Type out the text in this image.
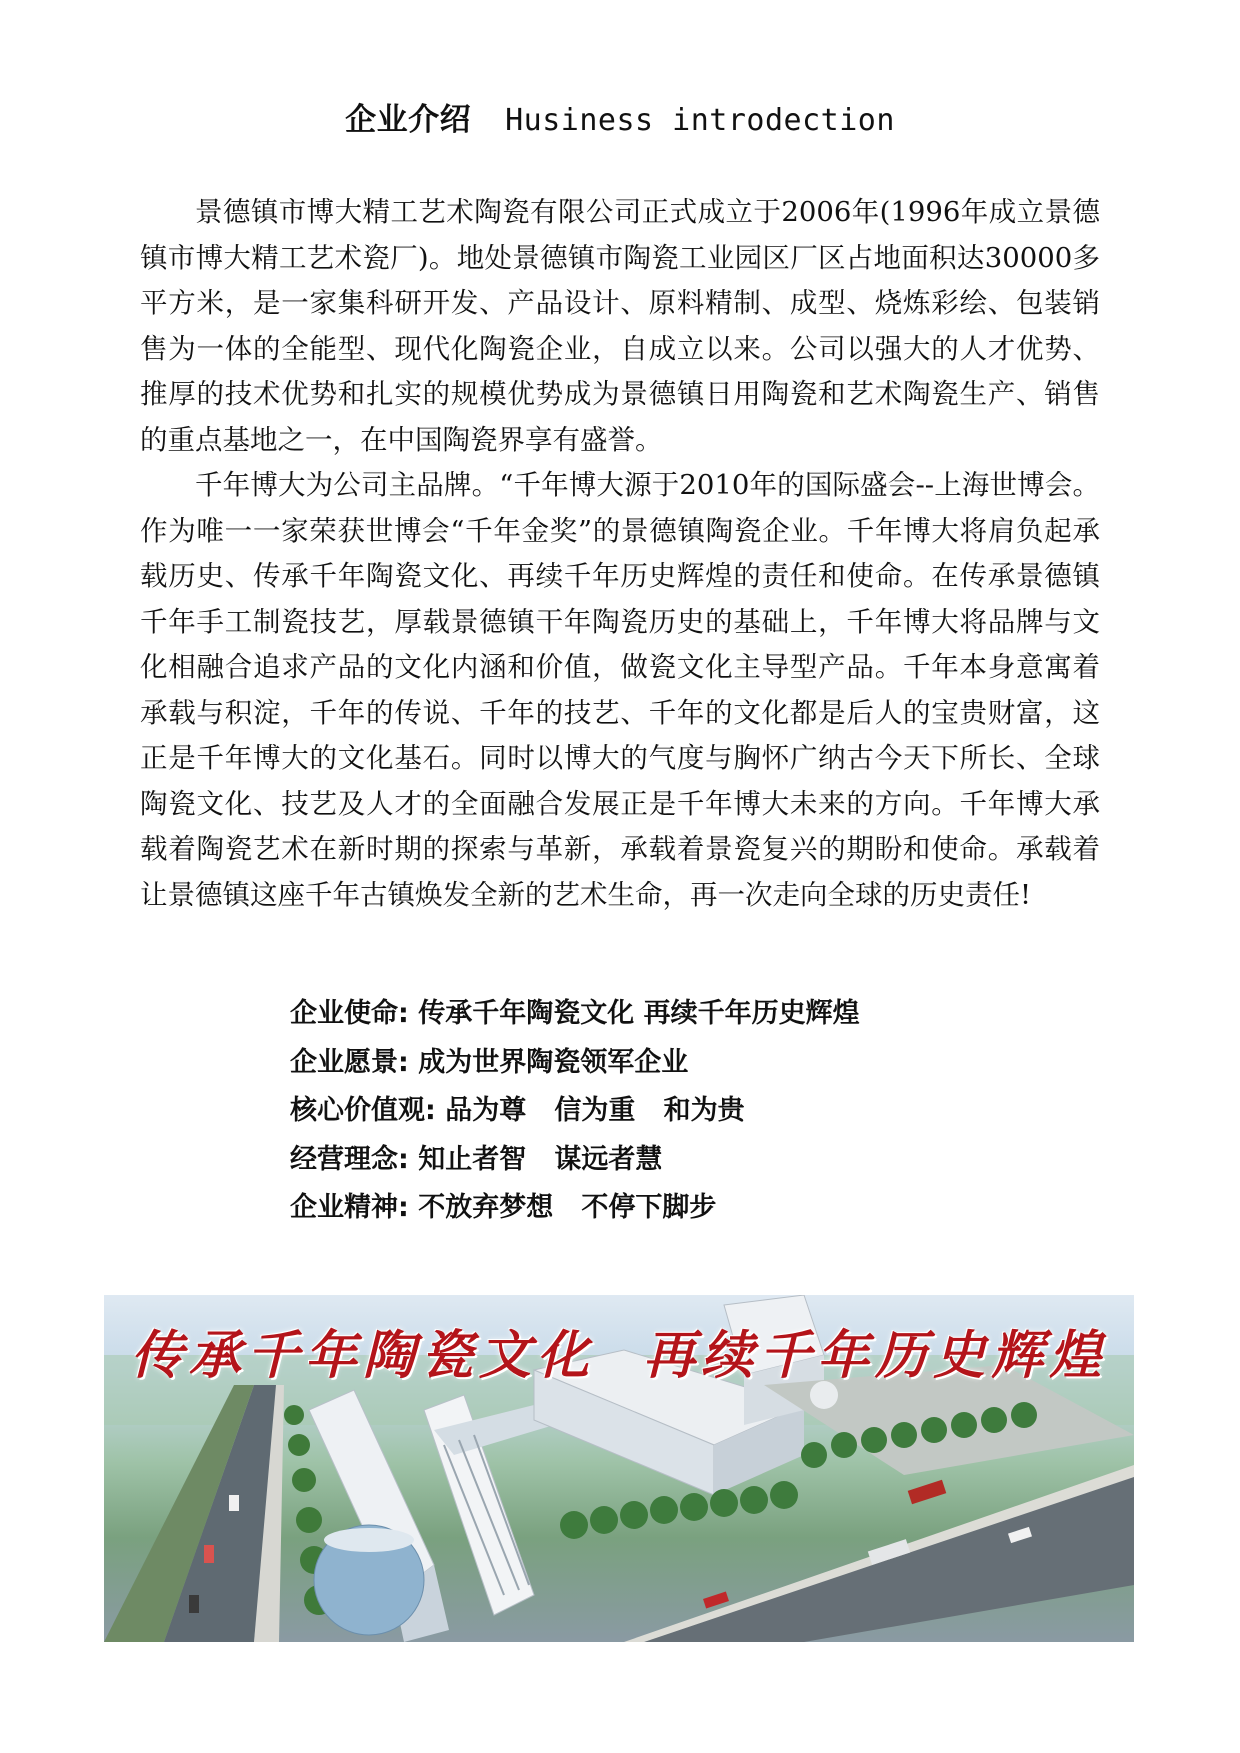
企业介绍 Husiness introdection

景德镇市博大精工艺术陶瓷有限公司正式成立于2006年(1996年成立景德镇市博大精工艺术瓷厂)。地处景德镇市陶瓷工业园区厂区占地面积达30000多平方米，是一家集科研开发、产品设计、原料精制、成型、烧炼彩绘、包装销售为一体的全能型、现代化陶瓷企业，自成立以来。公司以强大的人才优势、推厚的技术优势和扎实的规模优势成为景德镇日用陶瓷和艺术陶瓷生产、销售的重点基地之一，在中国陶瓷界享有盛誉。

千年博大为公司主品牌。“千年博大源于2010年的国际盛会--上海世博会。作为唯一一家荣获世博会“千年金奖”的景德镇陶瓷企业。千年博大将肩负起承载历史、传承千年陶瓷文化、再续千年历史辉煌的责任和使命。在传承景德镇千年手工制瓷技艺，厚载景德镇干年陶瓷历史的基础上，千年博大将品牌与文化相融合追求产品的文化内涵和价值，做瓷文化主导型产品。千年本身意寓着承载与积淀，千年的传说、千年的技艺、千年的文化都是后人的宝贵财富，这正是千年博大的文化基石。同时以博大的气度与胸怀广纳古今天下所长、全球陶瓷文化、技艺及人才的全面融合发展正是千年博大未来的方向。千年博大承载着陶瓷艺术在新时期的探索与革新，承载着景瓷复兴的期盼和使命。承载着让景德镇这座千年古镇焕发全新的艺术生命，再一次走向全球的历史责任!

企业使命: 传承千年陶瓷文化 再续千年历史辉煌
企业愿景: 成为世界陶瓷领军企业
核心价值观: 品为尊   信为重   和为贵
经营理念: 知止者智   谋远者慧
企业精神: 不放弃梦想   不停下脚步
传承千年陶瓷文化  再续千年历史辉煌
